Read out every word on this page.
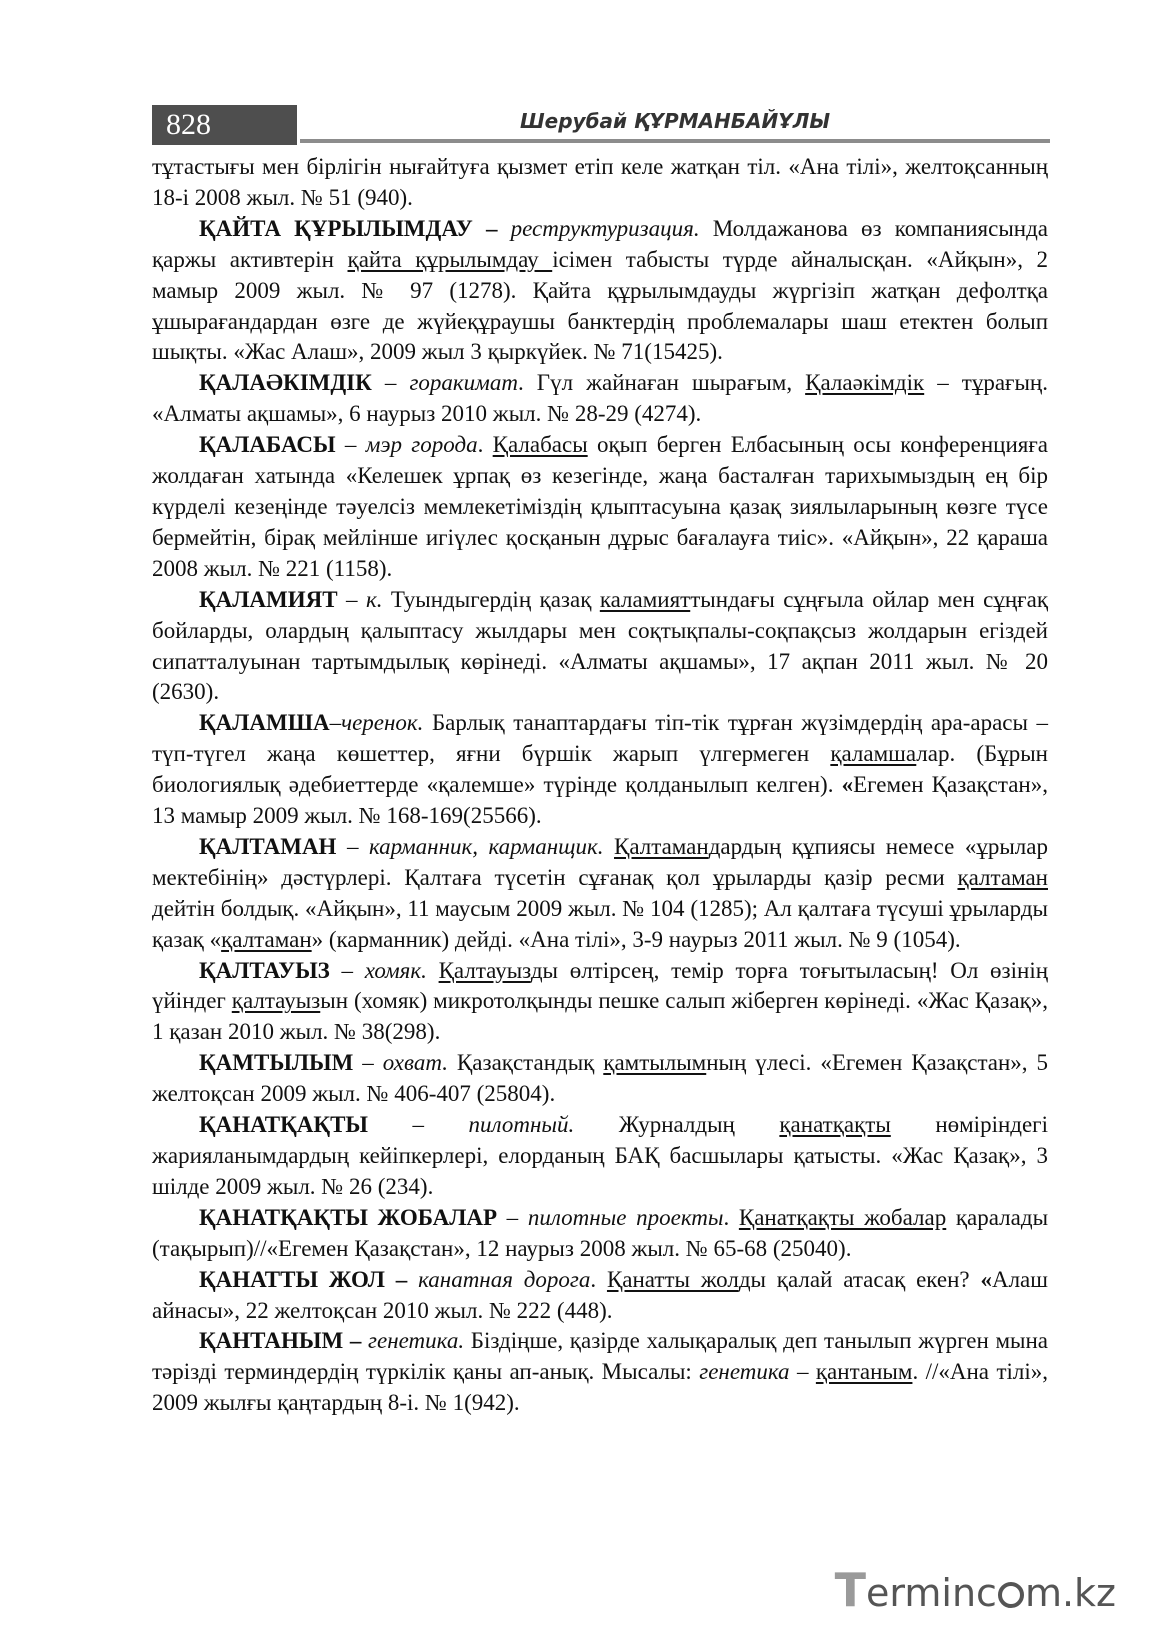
828	Шерубай ҚҰРМАНБАЙҰЛЫ

тұтастығы мен бірлігін нығайтуға қызмет етіп келе жатқан тіл. «Ана тілі», желтоқсанның 18-і 2008 жыл. № 51 (940).

ҚАЙТА ҚҰРЫЛЫМДАУ – реструктуризация. Молдажанова өз компаниясында қаржы активтерін қайта құрылымдау ісімен табысты түрде айналысқан. «Айқын», 2 мамыр 2009 жыл. № 97 (1278). Қайта құрылымдауды жүргізіп жатқан дефолтқа ұшырағандардан өзге де жүйеқұраушы банктердің проблемалары шаш етектен болып шықты. «Жас Алаш», 2009 жыл 3 қыркүйек. № 71(15425).

ҚАЛАӘКІМДІК – горакимат. Гүл жайнаған шырағым, Қалаәкімдік – тұрағың. «Алматы ақшамы», 6 наурыз 2010 жыл. № 28-29 (4274).

ҚАЛАБАСЫ – мэр города. Қалабасы оқып берген Елбасының осы конференцияға жолдаған хатында «Келешек ұрпақ өз кезегінде, жаңа басталған тарихымыздың ең бір күрделі кезеңінде тәуелсіз мемлекетіміздің қлыптасуына қазақ зиялыларының көзге түсе бермейтін, бірақ мейлінше игіүлес қосқанын дұрыс бағалауға тиіс». «Айқын», 22 қараша 2008 жыл. № 221 (1158).

ҚАЛАМИЯТ – к. Туындыгердің қазақ каламияттындағы сұңғыла ойлар мен сұңғақ бойларды, олардың қалыптасу жылдары мен соқтықпалы-соқпақсыз жолдарын егіздей сипатталуынан тартымдылық көрінеді. «Алматы ақшамы», 17 ақпан 2011 жыл. № 20 (2630).

ҚАЛАМША–черенок. Барлық танаптардағы тіп-тік тұрған жүзімдердің ара-арасы – түп-түгел жаңа көшеттер, яғни бүршік жарып үлгермеген қаламшалар. (Бұрын биологиялық әдебиеттерде «қалемше» түрінде қолданылып келген). «Егемен Қазақстан», 13 мамыр 2009 жыл. № 168-169(25566).

ҚАЛТАМАН – карманник, карманщик. Қалтамандардың құпиясы немесе «ұрылар мектебінің» дәстүрлері. Қалтаға түсетін сұғанақ қол ұрыларды қазір ресми қалтаман дейтін болдық. «Айқын», 11 маусым 2009 жыл. № 104 (1285); Ал қалтаға түсуші ұрыларды қазақ «қалтаман» (карманник) дейді. «Ана тілі», 3-9 наурыз 2011 жыл. № 9 (1054).

ҚАЛТАУЫЗ – хомяк. Қалтауызды өлтірсең, темір торға тоғытыласың! Ол өзінің үйіндег қалтауызын (хомяк) микротолқынды пешке салып жіберген көрінеді. «Жас Қазақ», 1 қазан 2010 жыл. № 38(298).

ҚАМТЫЛЫМ – охват. Қазақстандық қамтылымның үлесі. «Егемен Қазақстан», 5 желтоқсан 2009 жыл. № 406-407 (25804).

ҚАНАТҚАҚТЫ – пилотный. Журналдың қанатқақты нөміріндегі жарияланымдардың кейіпкерлері, елорданың БАҚ басшылары қатысты. «Жас Қазақ», 3 шілде 2009 жыл. № 26 (234).

ҚАНАТҚАҚТЫ ЖОБАЛАР – пилотные проекты. Қанатқақты жобалар қаралады (тақырып)//«Егемен Қазақстан», 12 наурыз 2008 жыл. № 65-68 (25040).

ҚАНАТТЫ ЖОЛ – канатная дорога. Қанатты жолды қалай атасақ екен? «Алаш айнасы», 22 желтоқсан 2010 жыл. № 222 (448).

ҚАНТАНЫМ – генетика. Біздіңше, қазірде халықаралық деп танылып жүрген мына тәрізді терминдердің түркілік қаны ап-анық. Мысалы: генетика – қантаным. //«Ана тілі», 2009 жылғы қаңтардың 8-і. № 1(942).

Terminc m.kz
